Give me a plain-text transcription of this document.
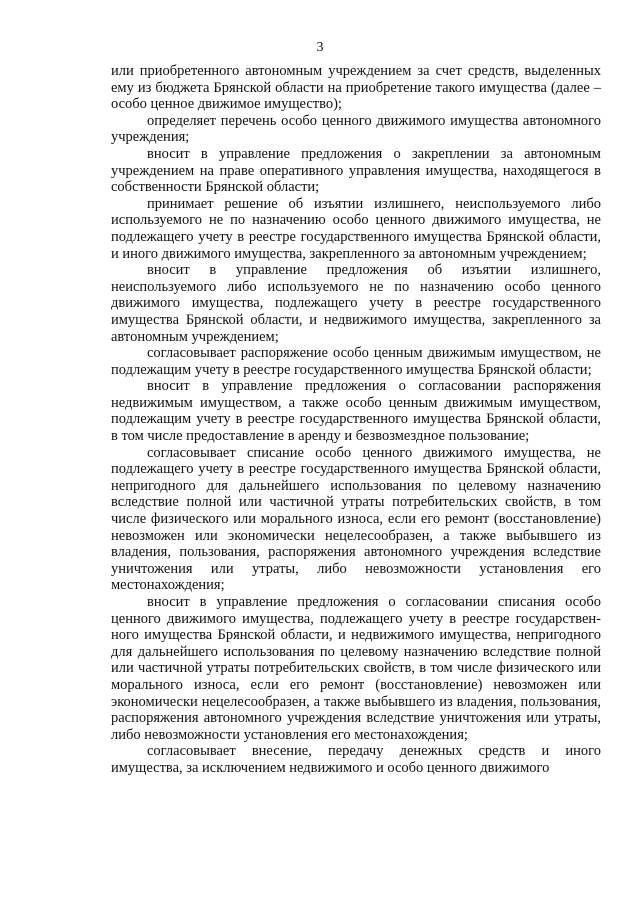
3

или приобретенного автономным учреждением за счет средств, выделенных ему из бюджета Брянской области на приобретение такого имущества (далее – особо ценное движимое имущество);

определяет перечень особо ценного движимого имущества автономного учреждения;

вносит в управление предложения о закреплении за автономным учреждением на праве оперативного управления имущества, находящегося в собственности Брянской области;

принимает решение об изъятии излишнего, неиспользуемого либо используемого не по назначению особо ценного движимого имущества, не подлежащего учету в реестре государственного имущества Брянской области, и иного движимого имущества, закрепленного за автономным учреждением;

вносит в управление предложения об изъятии излишнего, неиспользуемого либо используемого не по назначению особо ценного движимого имущества, подлежащего учету в реестре государственного имущества Брянской области, и недвижимого имущества, закрепленного за автономным учреждением;

согласовывает распоряжение особо ценным движимым имуществом, не подлежащим учету в реестре государственного имущества Брянской области;

вносит в управление предложения о согласовании распоряжения недвижимым имуществом, а также особо ценным движимым имуществом, подлежащим учету в реестре государственного имущества Брянской области, в том числе предоставление в аренду и безвозмездное пользование;

согласовывает списание особо ценного движимого имущества, не подлежащего учету в реестре государственного имущества Брянской области, непригодного для дальнейшего использования по целевому назначению вследствие полной или частичной утраты потребительских свойств, в том числе физического или морального износа, если его ремонт (восстановление) невозможен или экономически нецелесообразен, а также выбывшего из владения, пользования, распоряжения автономного учреждения вследствие уничтожения или утраты, либо невозможности установления его местонахождения;

вносит в управление предложения о согласовании списания особо ценного движимого имущества, подлежащего учету в реестре государственного имущества Брянской области, и недвижимого имущества, непригодного для дальнейшего использования по целевому назначению вследствие полной или частичной утраты потребительских свойств, в том числе физического или морального износа, если его ремонт (восстановление) невозможен или экономически нецелесообразен, а также выбывшего из владения, пользования, распоряжения автономного учреждения вследствие уничтожения или утраты, либо невозможности установления его местонахождения;

согласовывает внесение, передачу денежных средств и иного имущества, за исключением недвижимого и особо ценного движимого
